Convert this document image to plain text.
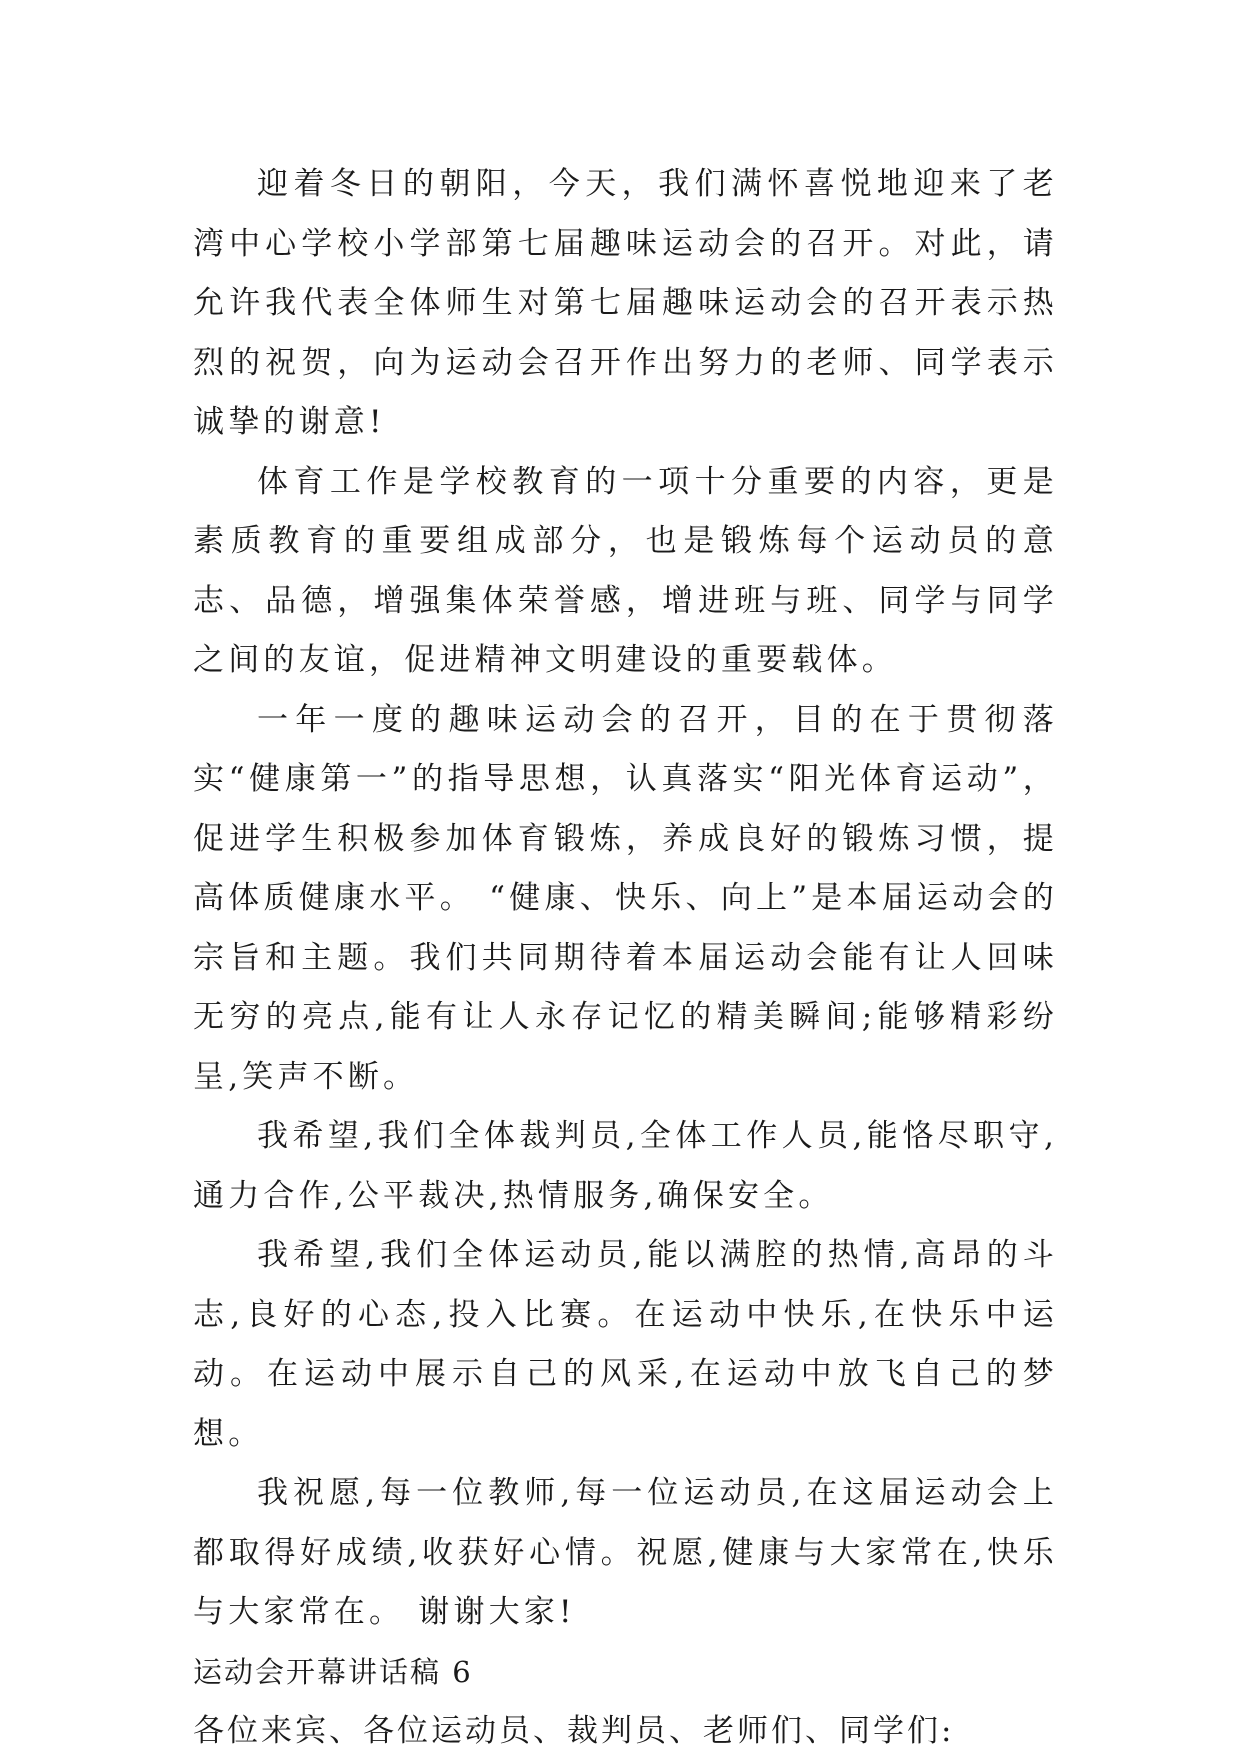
迎着冬日的朝阳，今天，我们满怀喜悦地迎来了老湾中心学校小学部第七届趣味运动会的召开。对此，请允许我代表全体师生对第七届趣味运动会的召开表示热烈的祝贺，向为运动会召开作出努力的老师、同学表示诚挚的谢意!

体育工作是学校教育的一项十分重要的内容，更是素质教育的重要组成部分，也是锻炼每个运动员的意志、品德，增强集体荣誉感，增进班与班、同学与同学之间的友谊，促进精神文明建设的重要载体。

一年一度的趣味运动会的召开，目的在于贯彻落实“健康第一”的指导思想，认真落实“阳光体育运动”，促进学生积极参加体育锻炼，养成良好的锻炼习惯，提高体质健康水平。 “健康、快乐、向上”是本届运动会的宗旨和主题。我们共同期待着本届运动会能有让人回味无穷的亮点,能有让人永存记忆的精美瞬间;能够精彩纷呈,笑声不断。

我希望,我们全体裁判员,全体工作人员,能恪尽职守,通力合作,公平裁决,热情服务,确保安全。

我希望,我们全体运动员,能以满腔的热情,高昂的斗志,良好的心态,投入比赛。在运动中快乐,在快乐中运动。在运动中展示自己的风采,在运动中放飞自己的梦想。

我祝愿,每一位教师,每一位运动员,在这届运动会上都取得好成绩,收获好心情。祝愿,健康与大家常在,快乐与大家常在。 谢谢大家!

运动会开幕讲话稿 6

各位来宾、各位运动员、裁判员、老师们、同学们:
